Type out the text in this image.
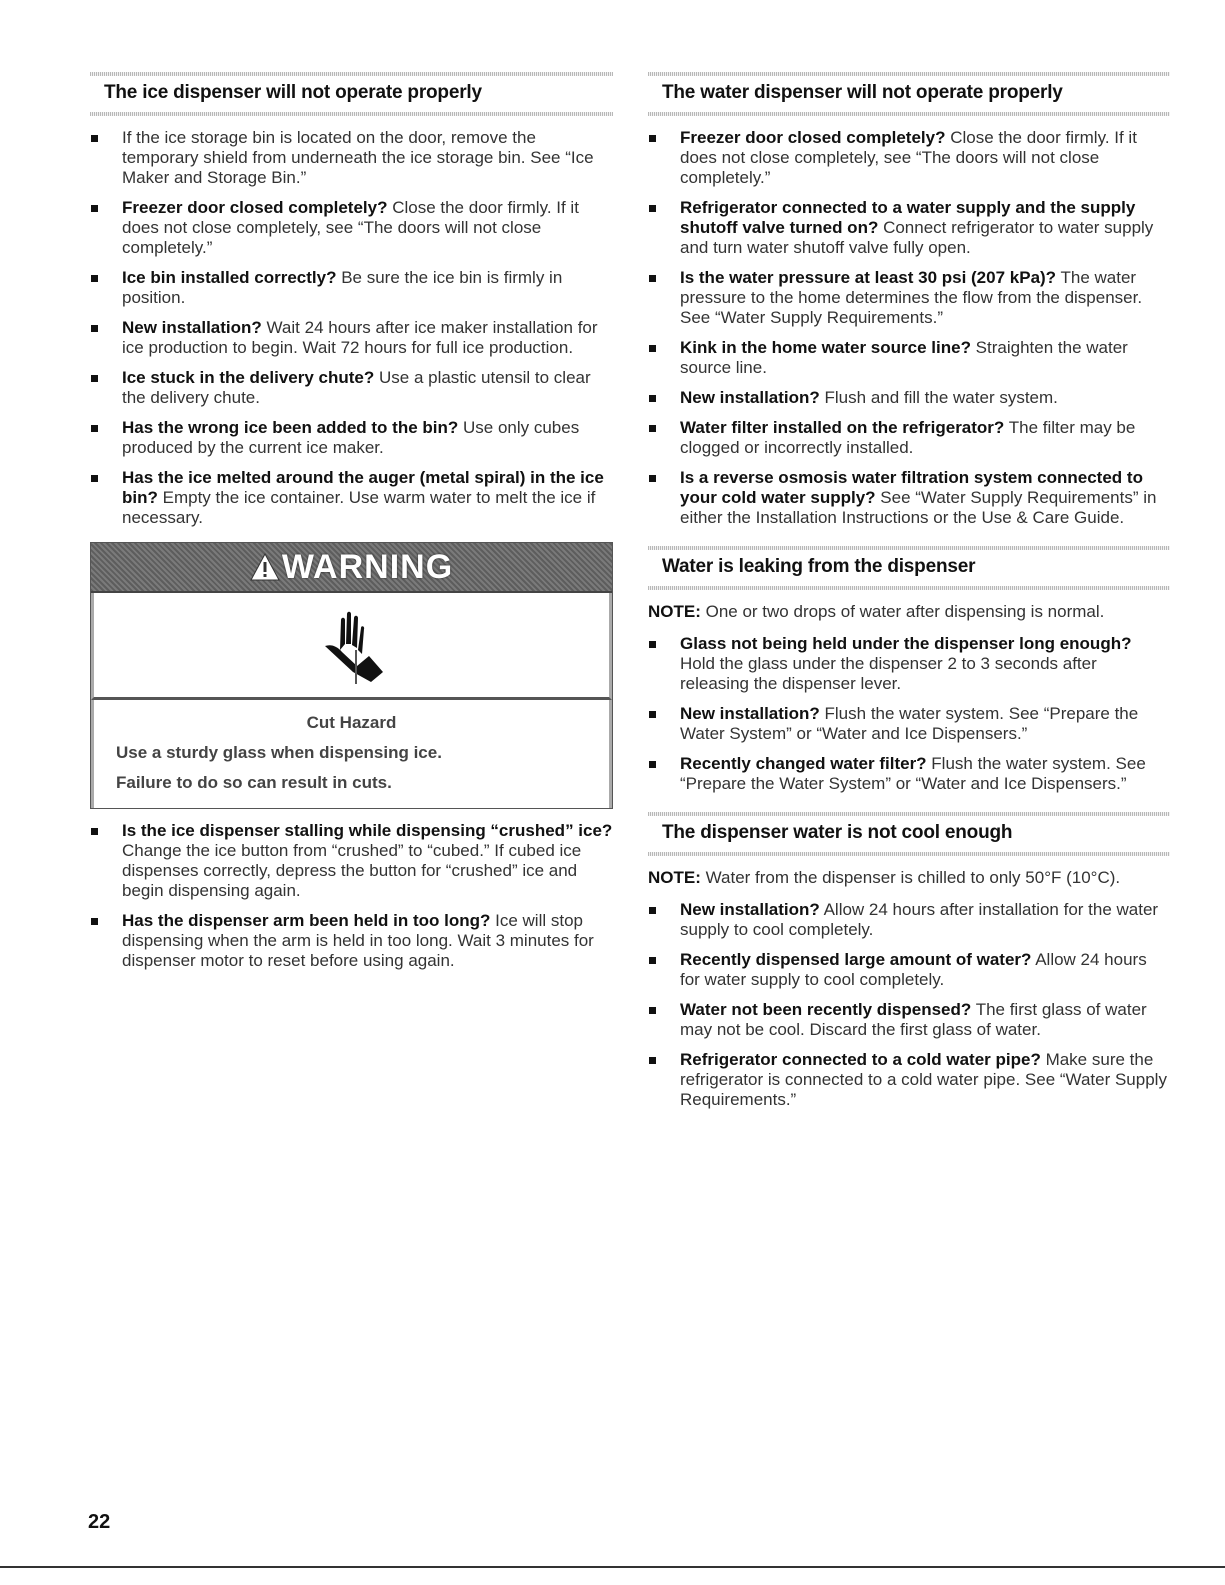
The ice dispenser will not operate properly
If the ice storage bin is located on the door, remove the temporary shield from underneath the ice storage bin. See “Ice Maker and Storage Bin.”
Freezer door closed completely? Close the door firmly. If it does not close completely, see “The doors will not close completely.”
Ice bin installed correctly? Be sure the ice bin is firmly in position.
New installation? Wait 24 hours after ice maker installation for ice production to begin. Wait 72 hours for full ice production.
Ice stuck in the delivery chute? Use a plastic utensil to clear the delivery chute.
Has the wrong ice been added to the bin? Use only cubes produced by the current ice maker.
Has the ice melted around the auger (metal spiral) in the ice bin? Empty the ice container. Use warm water to melt the ice if necessary.
WARNING

Cut Hazard

Use a sturdy glass when dispensing ice.

Failure to do so can result in cuts.

Is the ice dispenser stalling while dispensing “crushed” ice? Change the ice button from “crushed” to “cubed.” If cubed ice dispenses correctly, depress the button for “crushed” ice and begin dispensing again.
Has the dispenser arm been held in too long? Ice will stop dispensing when the arm is held in too long. Wait 3 minutes for dispenser motor to reset before using again.
The water dispenser will not operate properly
Freezer door closed completely? Close the door firmly. If it does not close completely, see “The doors will not close completely.”
Refrigerator connected to a water supply and the supply shutoff valve turned on? Connect refrigerator to water supply and turn water shutoff valve fully open.
Is the water pressure at least 30 psi (207 kPa)? The water pressure to the home determines the flow from the dispenser. See “Water Supply Requirements.”
Kink in the home water source line? Straighten the water source line.
New installation? Flush and fill the water system.
Water filter installed on the refrigerator? The filter may be clogged or incorrectly installed.
Is a reverse osmosis water filtration system connected to your cold water supply? See “Water Supply Requirements” in either the Installation Instructions or the Use & Care Guide.
Water is leaking from the dispenser

NOTE: One or two drops of water after dispensing is normal.

Glass not being held under the dispenser long enough? Hold the glass under the dispenser 2 to 3 seconds after releasing the dispenser lever.
New installation? Flush the water system. See “Prepare the Water System” or “Water and Ice Dispensers.”
Recently changed water filter? Flush the water system. See “Prepare the Water System” or “Water and Ice Dispensers.”
The dispenser water is not cool enough

NOTE: Water from the dispenser is chilled to only 50°F (10°C).

New installation? Allow 24 hours after installation for the water supply to cool completely.
Recently dispensed large amount of water? Allow 24 hours for water supply to cool completely.
Water not been recently dispensed? The first glass of water may not be cool. Discard the first glass of water.
Refrigerator connected to a cold water pipe? Make sure the refrigerator is connected to a cold water pipe. See “Water Supply Requirements.”
22
